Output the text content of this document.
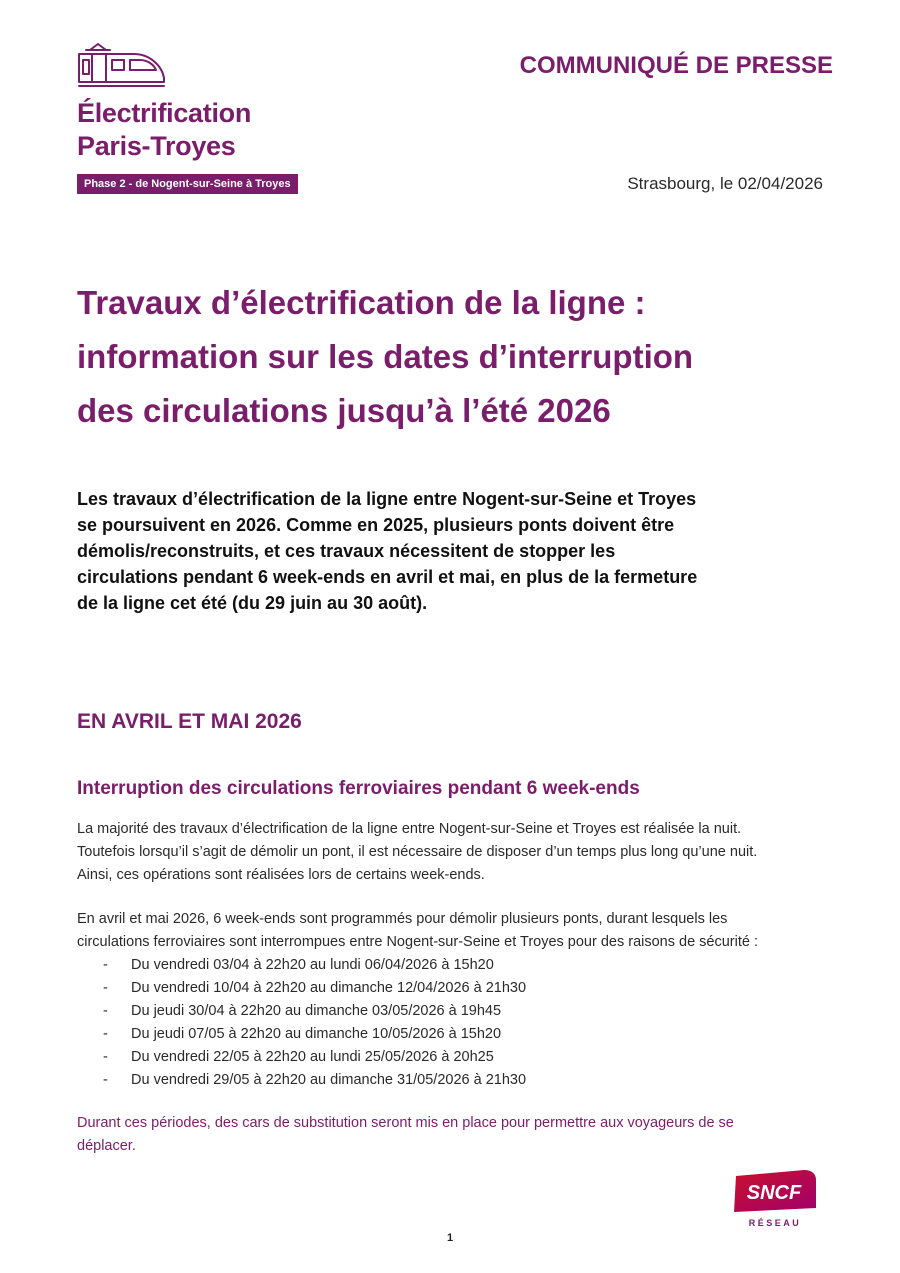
Électrification
Paris-Troyes
Phase 2 - de Nogent-sur-Seine à Troyes
COMMUNIQUÉ DE PRESSE
Strasbourg, le 02/04/2026
Travaux d’électrification de la ligne :
information sur les dates d’interruption
des circulations jusqu’à l’été 2026
Les travaux d’électrification de la ligne entre Nogent-sur-Seine et Troyes
se poursuivent en 2026. Comme en 2025, plusieurs ponts doivent être
démolis/reconstruits, et ces travaux nécessitent de stopper les
circulations pendant 6 week-ends en avril et mai, en plus de la fermeture
de la ligne cet été (du 29 juin au 30 août).
EN AVRIL ET MAI 2026
Interruption des circulations ferroviaires pendant 6 week-ends
La majorité des travaux d’électrification de la ligne entre Nogent-sur-Seine et Troyes est réalisée la nuit.
Toutefois lorsqu’il s’agit de démolir un pont, il est nécessaire de disposer d’un temps plus long qu’une nuit.
Ainsi, ces opérations sont réalisées lors de certains week-ends.
En avril et mai 2026, 6 week-ends sont programmés pour démolir plusieurs ponts, durant lesquels les
circulations ferroviaires sont interrompues entre Nogent-sur-Seine et Troyes pour des raisons de sécurité :
- Du vendredi 03/04 à 22h20 au lundi 06/04/2026 à 15h20
- Du vendredi 10/04 à 22h20 au dimanche 12/04/2026 à 21h30
- Du jeudi 30/04 à 22h20 au dimanche 03/05/2026 à 19h45
- Du jeudi 07/05 à 22h20 au dimanche 10/05/2026 à 15h20
- Du vendredi 22/05 à 22h20 au lundi 25/05/2026 à 20h25
- Du vendredi 29/05 à 22h20 au dimanche 31/05/2026 à 21h30
Durant ces périodes, des cars de substitution seront mis en place pour permettre aux voyageurs de se
déplacer.
SNCF
RÉSEAU
1
